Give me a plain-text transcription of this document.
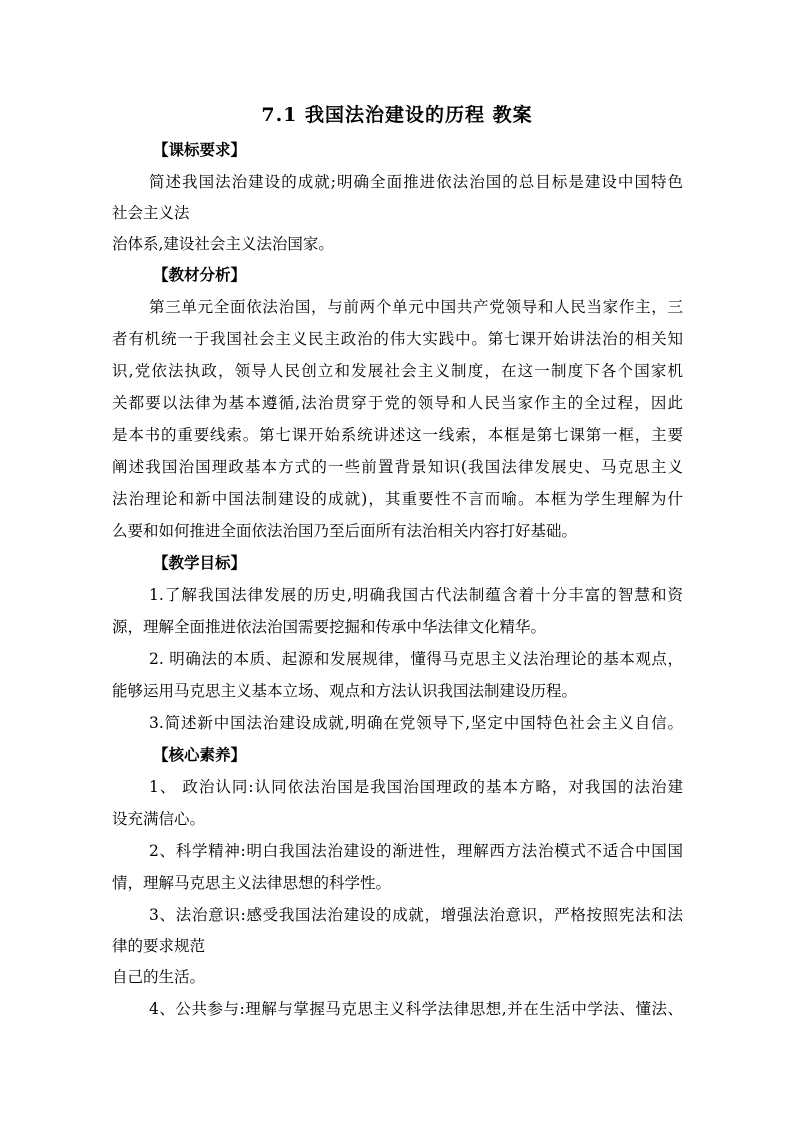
7.1 我国法治建设的历程 教案
【课标要求】
简述我国法治建设的成就;明确全面推进依法治国的总目标是建设中国特色
社会主义法
治体系,建设社会主义法治国家。
【教材分析】
第三单元全面依法治国，与前两个单元中国共产党领导和人民当家作主，三
者有机统一于我国社会主义民主政治的伟大实践中。第七课开始讲法治的相关知
识,党依法执政，领导人民创立和发展社会主义制度，在这一制度下各个国家机
关都要以法律为基本遵循,法治贯穿于党的领导和人民当家作主的全过程，因此
是本书的重要线索。第七课开始系统讲述这一线索，本框是第七课第一框，主要
阐述我国治国理政基本方式的一些前置背景知识(我国法律发展史、马克思主义
法治理论和新中国法制建设的成就)，其重要性不言而喻。本框为学生理解为什
么要和如何推进全面依法治国乃至后面所有法治相关内容打好基础。
【教学目标】
1.了解我国法律发展的历史,明确我国古代法制蕴含着十分丰富的智慧和资
源，理解全面推进依法治国需要挖掘和传承中华法律文化精华。
2. 明确法的本质、起源和发展规律，懂得马克思主义法治理论的基本观点，
能够运用马克思主义基本立场、观点和方法认识我国法制建设历程。
3.简述新中国法治建设成就,明确在党领导下,坚定中国特色社会主义自信。
【核心素养】
1、 政治认同:认同依法治国是我国治国理政的基本方略，对我国的法治建
设充满信心。
2、科学精神:明白我国法治建设的渐进性，理解西方法治模式不适合中国国
情，理解马克思主义法律思想的科学性。
3、法治意识:感受我国法治建设的成就，增强法治意识，严格按照宪法和法
律的要求规范
自己的生活。
4、公共参与:理解与掌握马克思主义科学法律思想,并在生活中学法、懂法、
